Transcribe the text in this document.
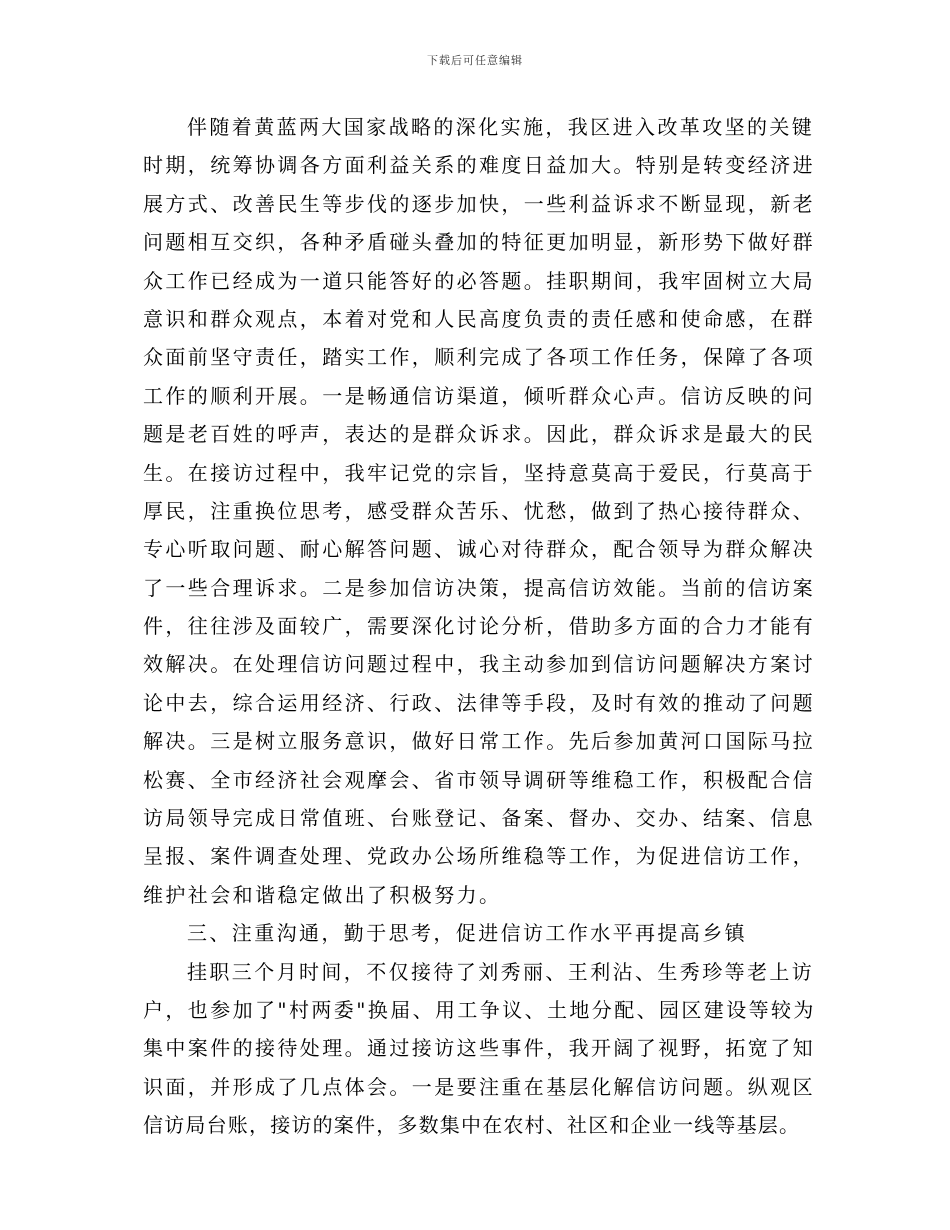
下载后可任意编辑
伴随着黄蓝两大国家战略的深化实施，我区进入改革攻坚的关键
时期，统筹协调各方面利益关系的难度日益加大。特别是转变经济进
展方式、改善民生等步伐的逐步加快，一些利益诉求不断显现，新老
问题相互交织，各种矛盾碰头叠加的特征更加明显，新形势下做好群
众工作已经成为一道只能答好的必答题。挂职期间，我牢固树立大局
意识和群众观点，本着对党和人民高度负责的责任感和使命感，在群
众面前坚守责任，踏实工作，顺利完成了各项工作任务，保障了各项
工作的顺利开展。一是畅通信访渠道，倾听群众心声。信访反映的问
题是老百姓的呼声，表达的是群众诉求。因此，群众诉求是最大的民
生。在接访过程中，我牢记党的宗旨，坚持意莫高于爱民，行莫高于
厚民，注重换位思考，感受群众苦乐、忧愁，做到了热心接待群众、
专心听取问题、耐心解答问题、诚心对待群众，配合领导为群众解决
了一些合理诉求。二是参加信访决策，提高信访效能。当前的信访案
件，往往涉及面较广，需要深化讨论分析，借助多方面的合力才能有
效解决。在处理信访问题过程中，我主动参加到信访问题解决方案讨
论中去，综合运用经济、行政、法律等手段，及时有效的推动了问题
解决。三是树立服务意识，做好日常工作。先后参加黄河口国际马拉
松赛、全市经济社会观摩会、省市领导调研等维稳工作，积极配合信
访局领导完成日常值班、台账登记、备案、督办、交办、结案、信息
呈报、案件调查处理、党政办公场所维稳等工作，为促进信访工作，
维护社会和谐稳定做出了积极努力。
三、注重沟通，勤于思考，促进信访工作水平再提高乡镇
挂职三个月时间，不仅接待了刘秀丽、王利沾、生秀珍等老上访
户，也参加了"村两委"换届、用工争议、土地分配、园区建设等较为
集中案件的接待处理。通过接访这些事件，我开阔了视野，拓宽了知
识面，并形成了几点体会。一是要注重在基层化解信访问题。纵观区
信访局台账，接访的案件，多数集中在农村、社区和企业一线等基层。
